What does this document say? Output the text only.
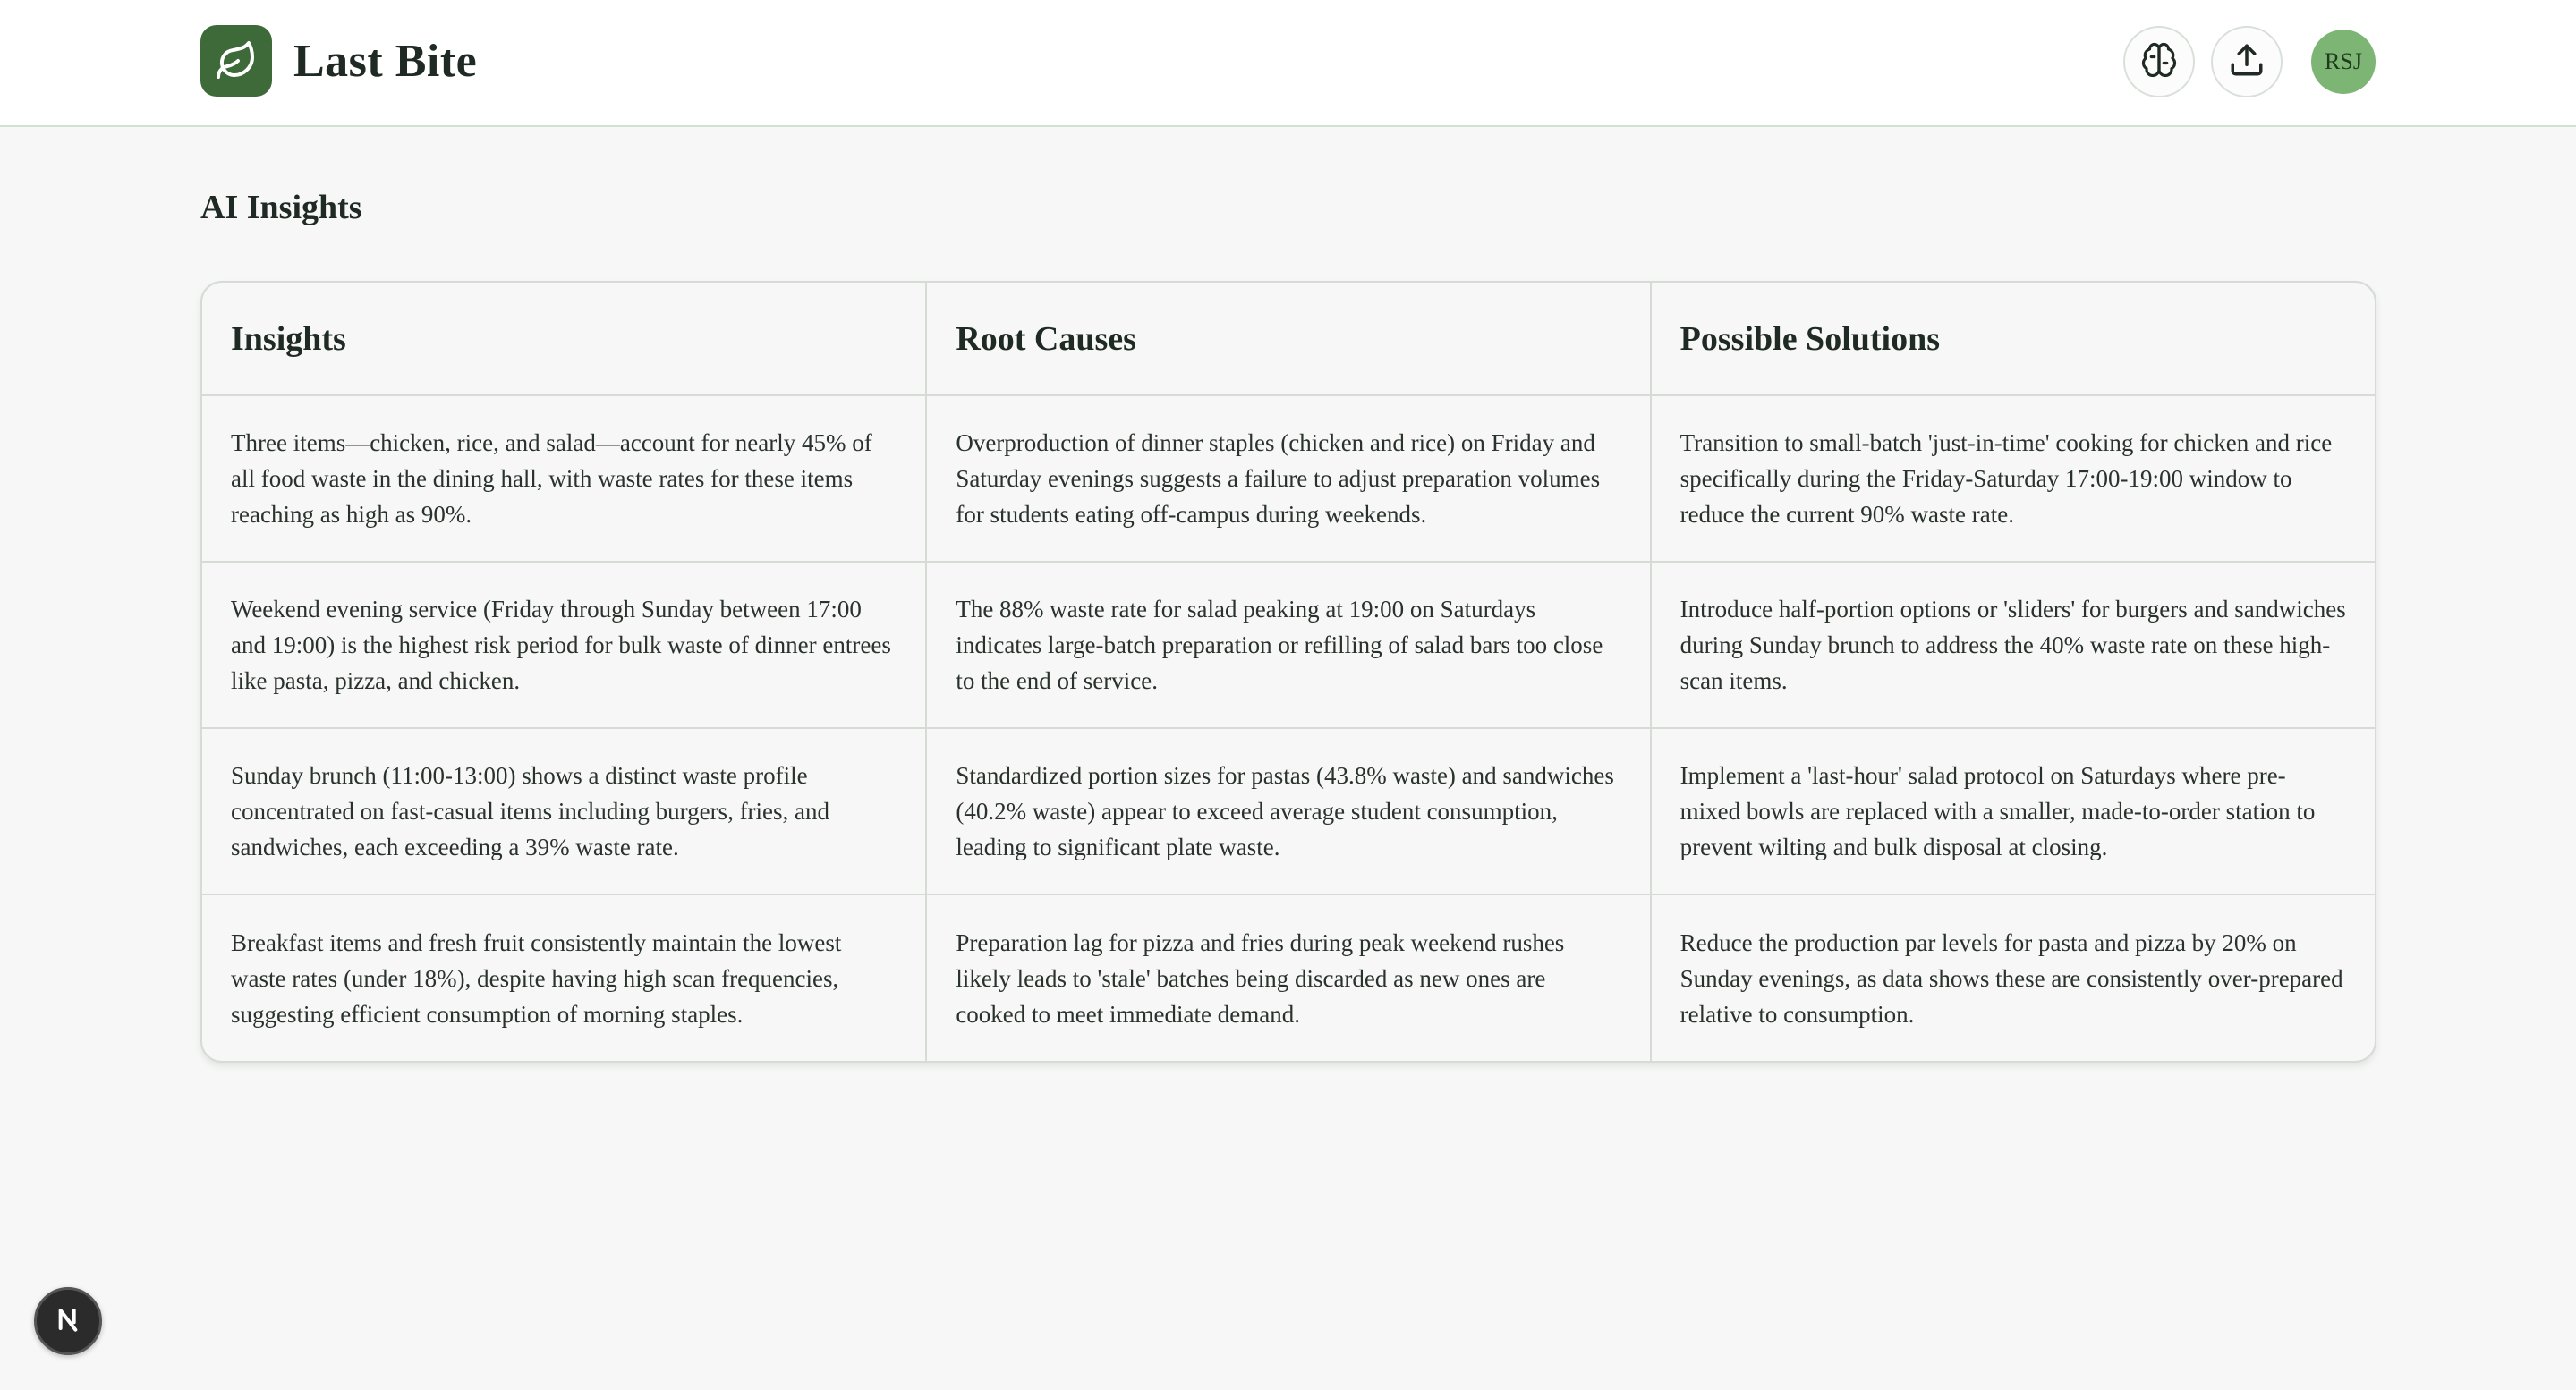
Last Bite	RSJ
AI Insights
Insights	Root Causes	Possible Solutions
Three items—chicken, rice, and salad—account for nearly 45% of all food waste in the dining hall, with waste rates for these items reaching as high as 90%.	Overproduction of dinner staples (chicken and rice) on Friday and Saturday evenings suggests a failure to adjust preparation volumes for students eating off-campus during weekends.	Transition to small-batch 'just-in-time' cooking for chicken and rice specifically during the Friday-Saturday 17:00-19:00 window to reduce the current 90% waste rate.
Weekend evening service (Friday through Sunday between 17:00 and 19:00) is the highest risk period for bulk waste of dinner entrees like pasta, pizza, and chicken.	The 88% waste rate for salad peaking at 19:00 on Saturdays indicates large-batch preparation or refilling of salad bars too close to the end of service.	Introduce half-portion options or 'sliders' for burgers and sandwiches during Sunday brunch to address the 40% waste rate on these high-scan items.
Sunday brunch (11:00-13:00) shows a distinct waste profile concentrated on fast-casual items including burgers, fries, and sandwiches, each exceeding a 39% waste rate.	Standardized portion sizes for pastas (43.8% waste) and sandwiches (40.2% waste) appear to exceed average student consumption, leading to significant plate waste.	Implement a 'last-hour' salad protocol on Saturdays where pre-mixed bowls are replaced with a smaller, made-to-order station to prevent wilting and bulk disposal at closing.
Breakfast items and fresh fruit consistently maintain the lowest waste rates (under 18%), despite having high scan frequencies, suggesting efficient consumption of morning staples.	Preparation lag for pizza and fries during peak weekend rushes likely leads to 'stale' batches being discarded as new ones are cooked to meet immediate demand.	Reduce the production par levels for pasta and pizza by 20% on Sunday evenings, as data shows these are consistently over-prepared relative to consumption.
